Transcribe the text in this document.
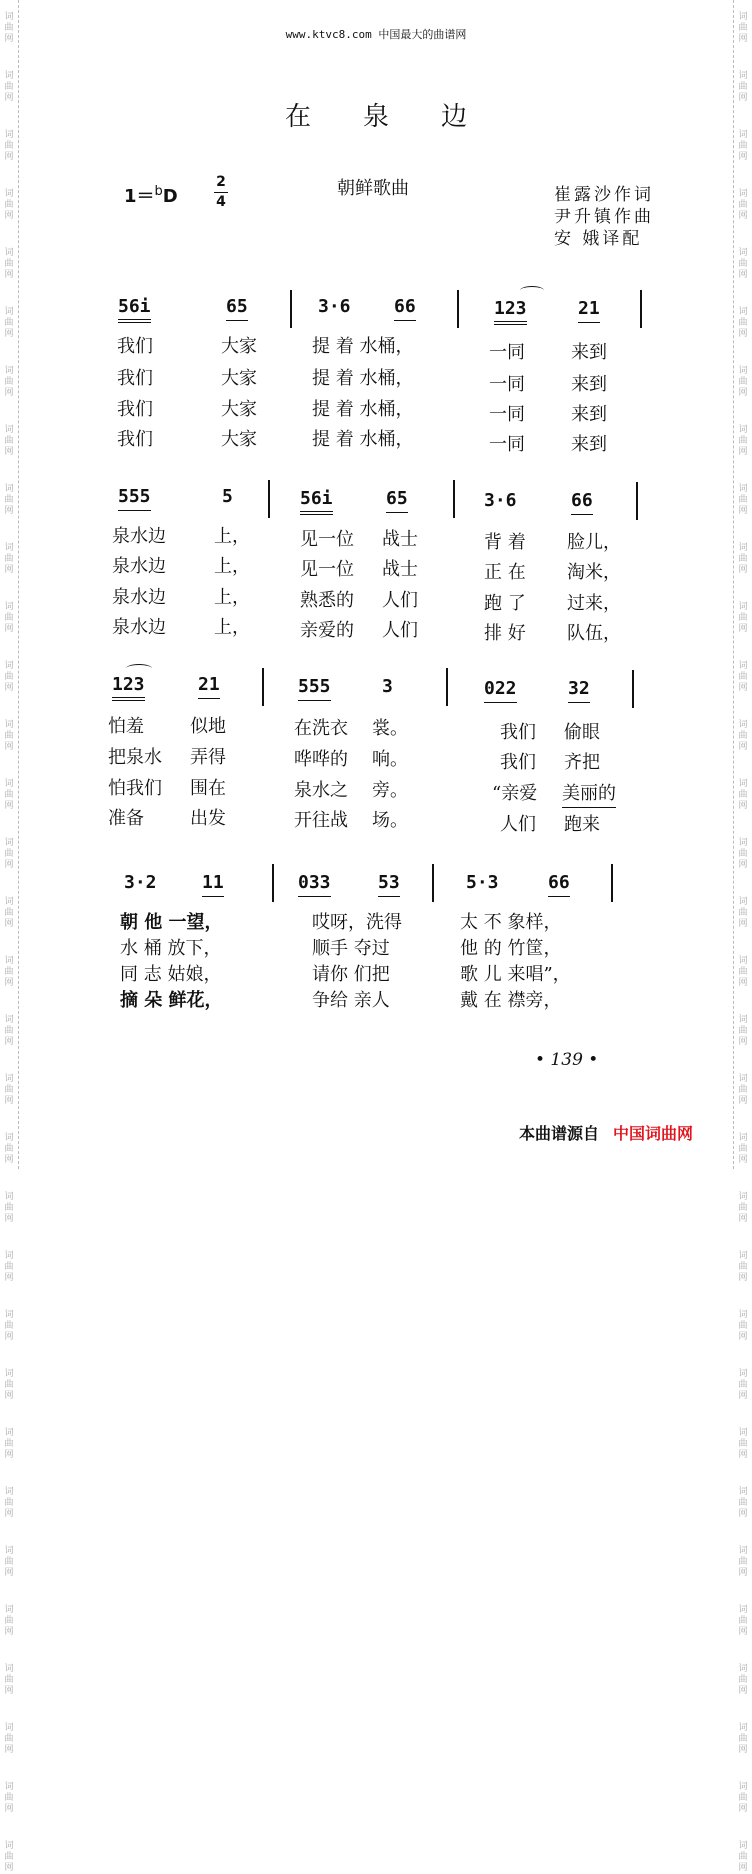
词
曲
网
词
曲
网
词
曲
网
词
曲
网
词
曲
网
词
曲
网
词
曲
网
词
曲
网
词
曲
网
词
曲
网
词
曲
网
词
曲
网
词
曲
网
词
曲
网
词
曲
网
词
曲
网
词
曲
网
词
曲
网
词
曲
网
词
曲
网
词
曲
网
词
曲
网
词
曲
网
词
曲
网
词
曲
网
词
曲
网
词
曲
网
词
曲
网
词
曲
网
词
曲
网
词
曲
网
词
曲
网
词
曲
网
词
曲
网
词
曲
网
词
曲
网
词
曲
网
词
曲
网
词
曲
网
词
曲
网
词
曲
网
词
曲
网
词
曲
网
词
曲
网
词
曲
网
词
曲
网
词
曲
网
词
曲
网
词
曲
网
词
曲
网
词
曲
网
词
曲
网
词
曲
网
词
曲
网
词
曲
网
词
曲
网
词
曲
网
词
曲
网
词
曲
网
词
曲
网
词
曲
网
词
曲
网
词
曲
网
词
曲
网
www.ktvc8.com 中国最大的曲谱网
在泉边
1＝$^b$D
2
4
朝鲜歌曲	崔露沙作词
尹升镇作曲
安 娥译配
56i	65	3·6 66	123	21
我们	大家	提 着 水桶，	一同	来到
我们	大家	提 着 水桶，	一同	来到
我们	大家	提 着 水桶，	一同	来到
我们	大家	提 着 水桶，	一同	来到
555	5	56i	65	3·6	66
泉水边	上，	见一位 战士	背 着 脸儿，
泉水边	上，	见一位 战士	正 在 淘米，
泉水边	上，	熟悉的 人们	跑 了 过来，
泉水边	上，	亲爱的 人们	排 好 队伍，
123	21	555	3	022	32
怕羞	似地	在洗衣 裳。	我们 偷眼
把泉水 弄得	哗哗的 响。	我们 齐把
怕我们 围在	泉水之 旁。	“亲爱 美丽的
准备	出发	开往战 场。	人们 跑来
3·2	11	033	53	5·3	66
朝 他 一望，	哎呀，洗得	太 不 象样，
水 桶 放下，	顺手 夺过	他 的 竹筐，
同 志 姑娘，	请你 们把	歌 儿 来唱”，
摘 朵 鲜花，	争给 亲人	戴 在 襟旁，
• 139 •
本曲谱源自 中国词曲网
